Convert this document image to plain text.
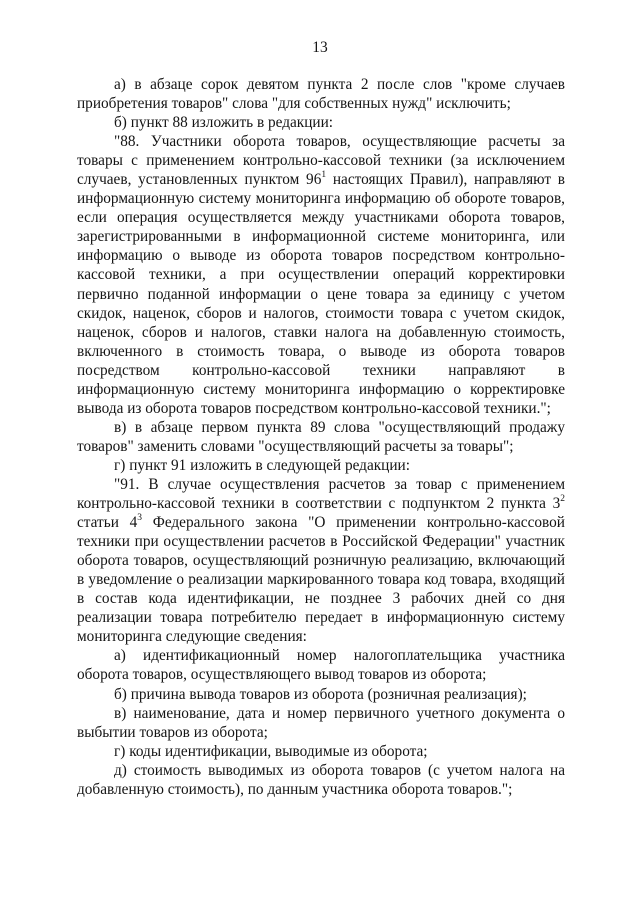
13

а) в абзаце сорок девятом пункта 2 после слов "кроме случаев приобретения товаров" слова "для собственных нужд" исключить;

б) пункт 88 изложить в редакции:

"88. Участники оборота товаров, осуществляющие расчеты за товары с применением контрольно-кассовой техники (за исключением случаев, установленных пунктом $96^1$ настоящих Правил), направляют в информационную систему мониторинга информацию об обороте товаров, если операция осуществляется между участниками оборота товаров, зарегистрированными в информационной системе мониторинга, или информацию о выводе из оборота товаров посредством контрольно-кассовой техники, а при осуществлении операций корректировки первично поданной информации о цене товара за единицу с учетом скидок, наценок, сборов и налогов, стоимости товара с учетом скидок, наценок, сборов и налогов, ставки налога на добавленную стоимость, включенного в стоимость товара, о выводе из оборота товаров посредством контрольно-кассовой техники направляют в информационную систему мониторинга информацию о корректировке вывода из оборота товаров посредством контрольно-кассовой техники.";

в) в абзаце первом пункта 89 слова "осуществляющий продажу товаров" заменить словами "осуществляющий расчеты за товары";

г) пункт 91 изложить в следующей редакции:

"91. В случае осуществления расчетов за товар с применением контрольно-кассовой техники в соответствии с подпунктом 2 пункта $3^2$ статьи $4^3$ Федерального закона "О применении контрольно-кассовой техники при осуществлении расчетов в Российской Федерации" участник оборота товаров, осуществляющий розничную реализацию, включающий в уведомление о реализации маркированного товара код товара, входящий в состав кода идентификации, не позднее 3 рабочих дней со дня реализации товара потребителю передает в информационную систему мониторинга следующие сведения:

а) идентификационный номер налогоплательщика участника оборота товаров, осуществляющего вывод товаров из оборота;

б) причина вывода товаров из оборота (розничная реализация);

в) наименование, дата и номер первичного учетного документа о выбытии товаров из оборота;

г) коды идентификации, выводимые из оборота;

д) стоимость выводимых из оборота товаров (с учетом налога на добавленную стоимость), по данным участника оборота товаров.";
